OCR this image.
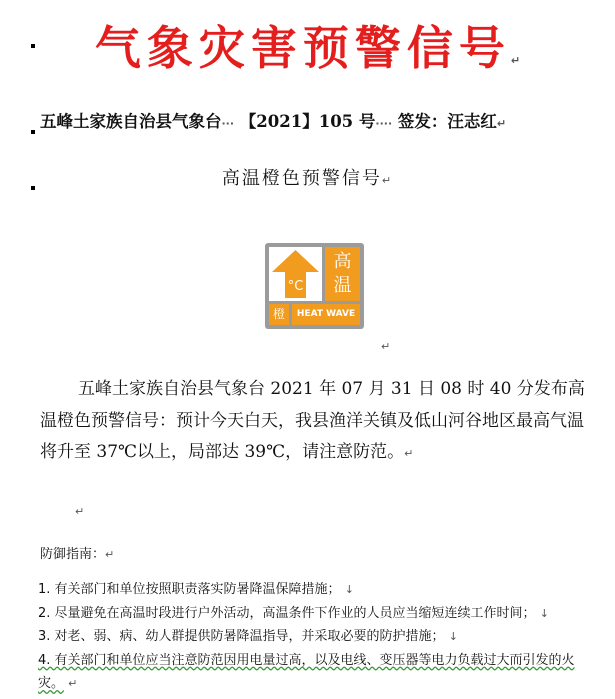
气象灾害预警信号↵
五峰土家族自治县气象台··· 【2021】105 号···· 签发：汪志红↵
高温橙色预警信号↵
°C
高温
橙	HEAT WAVE
↵
五峰土家族自治县气象台 2021 年 07 月 31 日 08 时 40 分发布高温橙色预警信号：预计今天白天，我县渔洋关镇及低山河谷地区最高气温将升至 37℃以上，局部达 39℃，请注意防范。↵
↵
防御指南：↵
1. 有关部门和单位按照职责落实防暑降温保障措施； ↓
2. 尽量避免在高温时段进行户外活动，高温条件下作业的人员应当缩短连续工作时间； ↓
3. 对老、弱、病、幼人群提供防暑降温指导，并采取必要的防护措施； ↓
4. 有关部门和单位应当注意防范因用电量过高，以及电线、变压器等电力负载过大而引发的火灾。 ↵
